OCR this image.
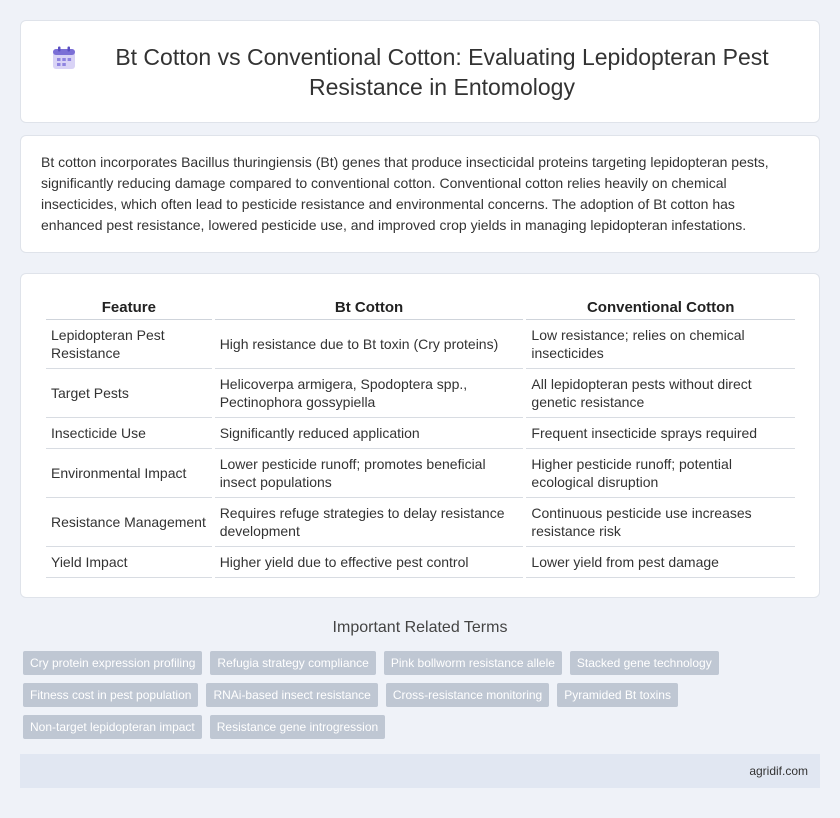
Bt Cotton vs Conventional Cotton: Evaluating Lepidopteran Pest Resistance in Entomology

Bt cotton incorporates Bacillus thuringiensis (Bt) genes that produce insecticidal proteins targeting lepidopteran pests, significantly reducing damage compared to conventional cotton. Conventional cotton relies heavily on chemical insecticides, which often lead to pesticide resistance and environmental concerns. The adoption of Bt cotton has enhanced pest resistance, lowered pesticide use, and improved crop yields in managing lepidopteran infestations.

Feature	Bt Cotton	Conventional Cotton
Lepidopteran Pest Resistance	High resistance due to Bt toxin (Cry proteins)	Low resistance; relies on chemical insecticides
Target Pests	Helicoverpa armigera, Spodoptera spp., Pectinophora gossypiella	All lepidopteran pests without direct genetic resistance
Insecticide Use	Significantly reduced application	Frequent insecticide sprays required
Environmental Impact	Lower pesticide runoff; promotes beneficial insect populations	Higher pesticide runoff; potential ecological disruption
Resistance Management	Requires refuge strategies to delay resistance development	Continuous pesticide use increases resistance risk
Yield Impact	Higher yield due to effective pest control	Lower yield from pest damage
Important Related Terms
Cry protein expression profiling	Refugia strategy compliance	Pink bollworm resistance allele	Stacked gene technology
Fitness cost in pest population	RNAi-based insect resistance	Cross-resistance monitoring	Pyramided Bt toxins
Non-target lepidopteran impact	Resistance gene introgression
agridif.com
